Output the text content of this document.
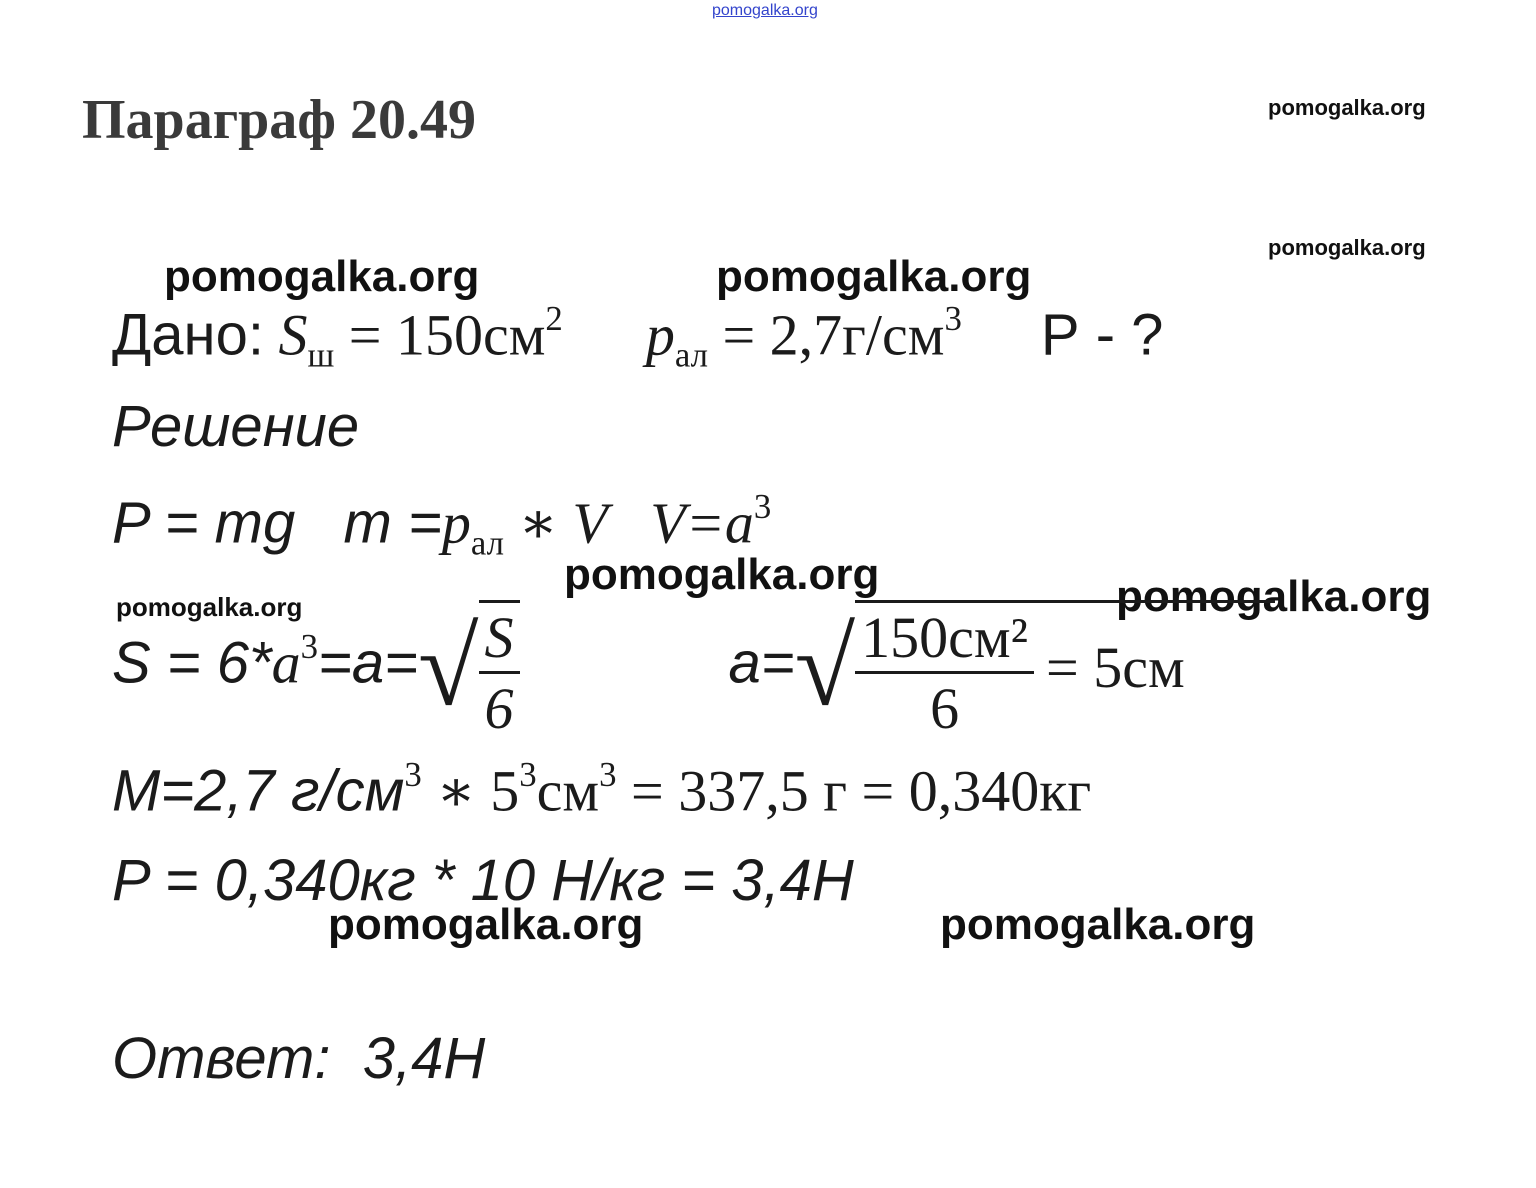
pomogalka.org
Параграф 20.49	pomogalka.org
pomogalka.org
pomogalka.org
pomogalka.org	pomogalka.org
pomogalka.org	pomogalka.org
pomogalka.org	pomogalka.org
Дано: $S_ш = 150см^2$ $p_{ал} = 2,7г/см^3$ Р - ?
Решение
P = mg   $m =p_{ал}$ ∗ V   $V=a^3$
$S = 6*a^3=a=√ \frac{S}{6}$	$a=√ \frac{\text{150см²}}{6} = 5см$
M=2,7 $г/см^3$ ∗ $5^3см^3 = 337,5$ г = 0,340кг
P = 0,340кг * 10 Н/кг = 3,4Н
Ответ:  3,4Н
